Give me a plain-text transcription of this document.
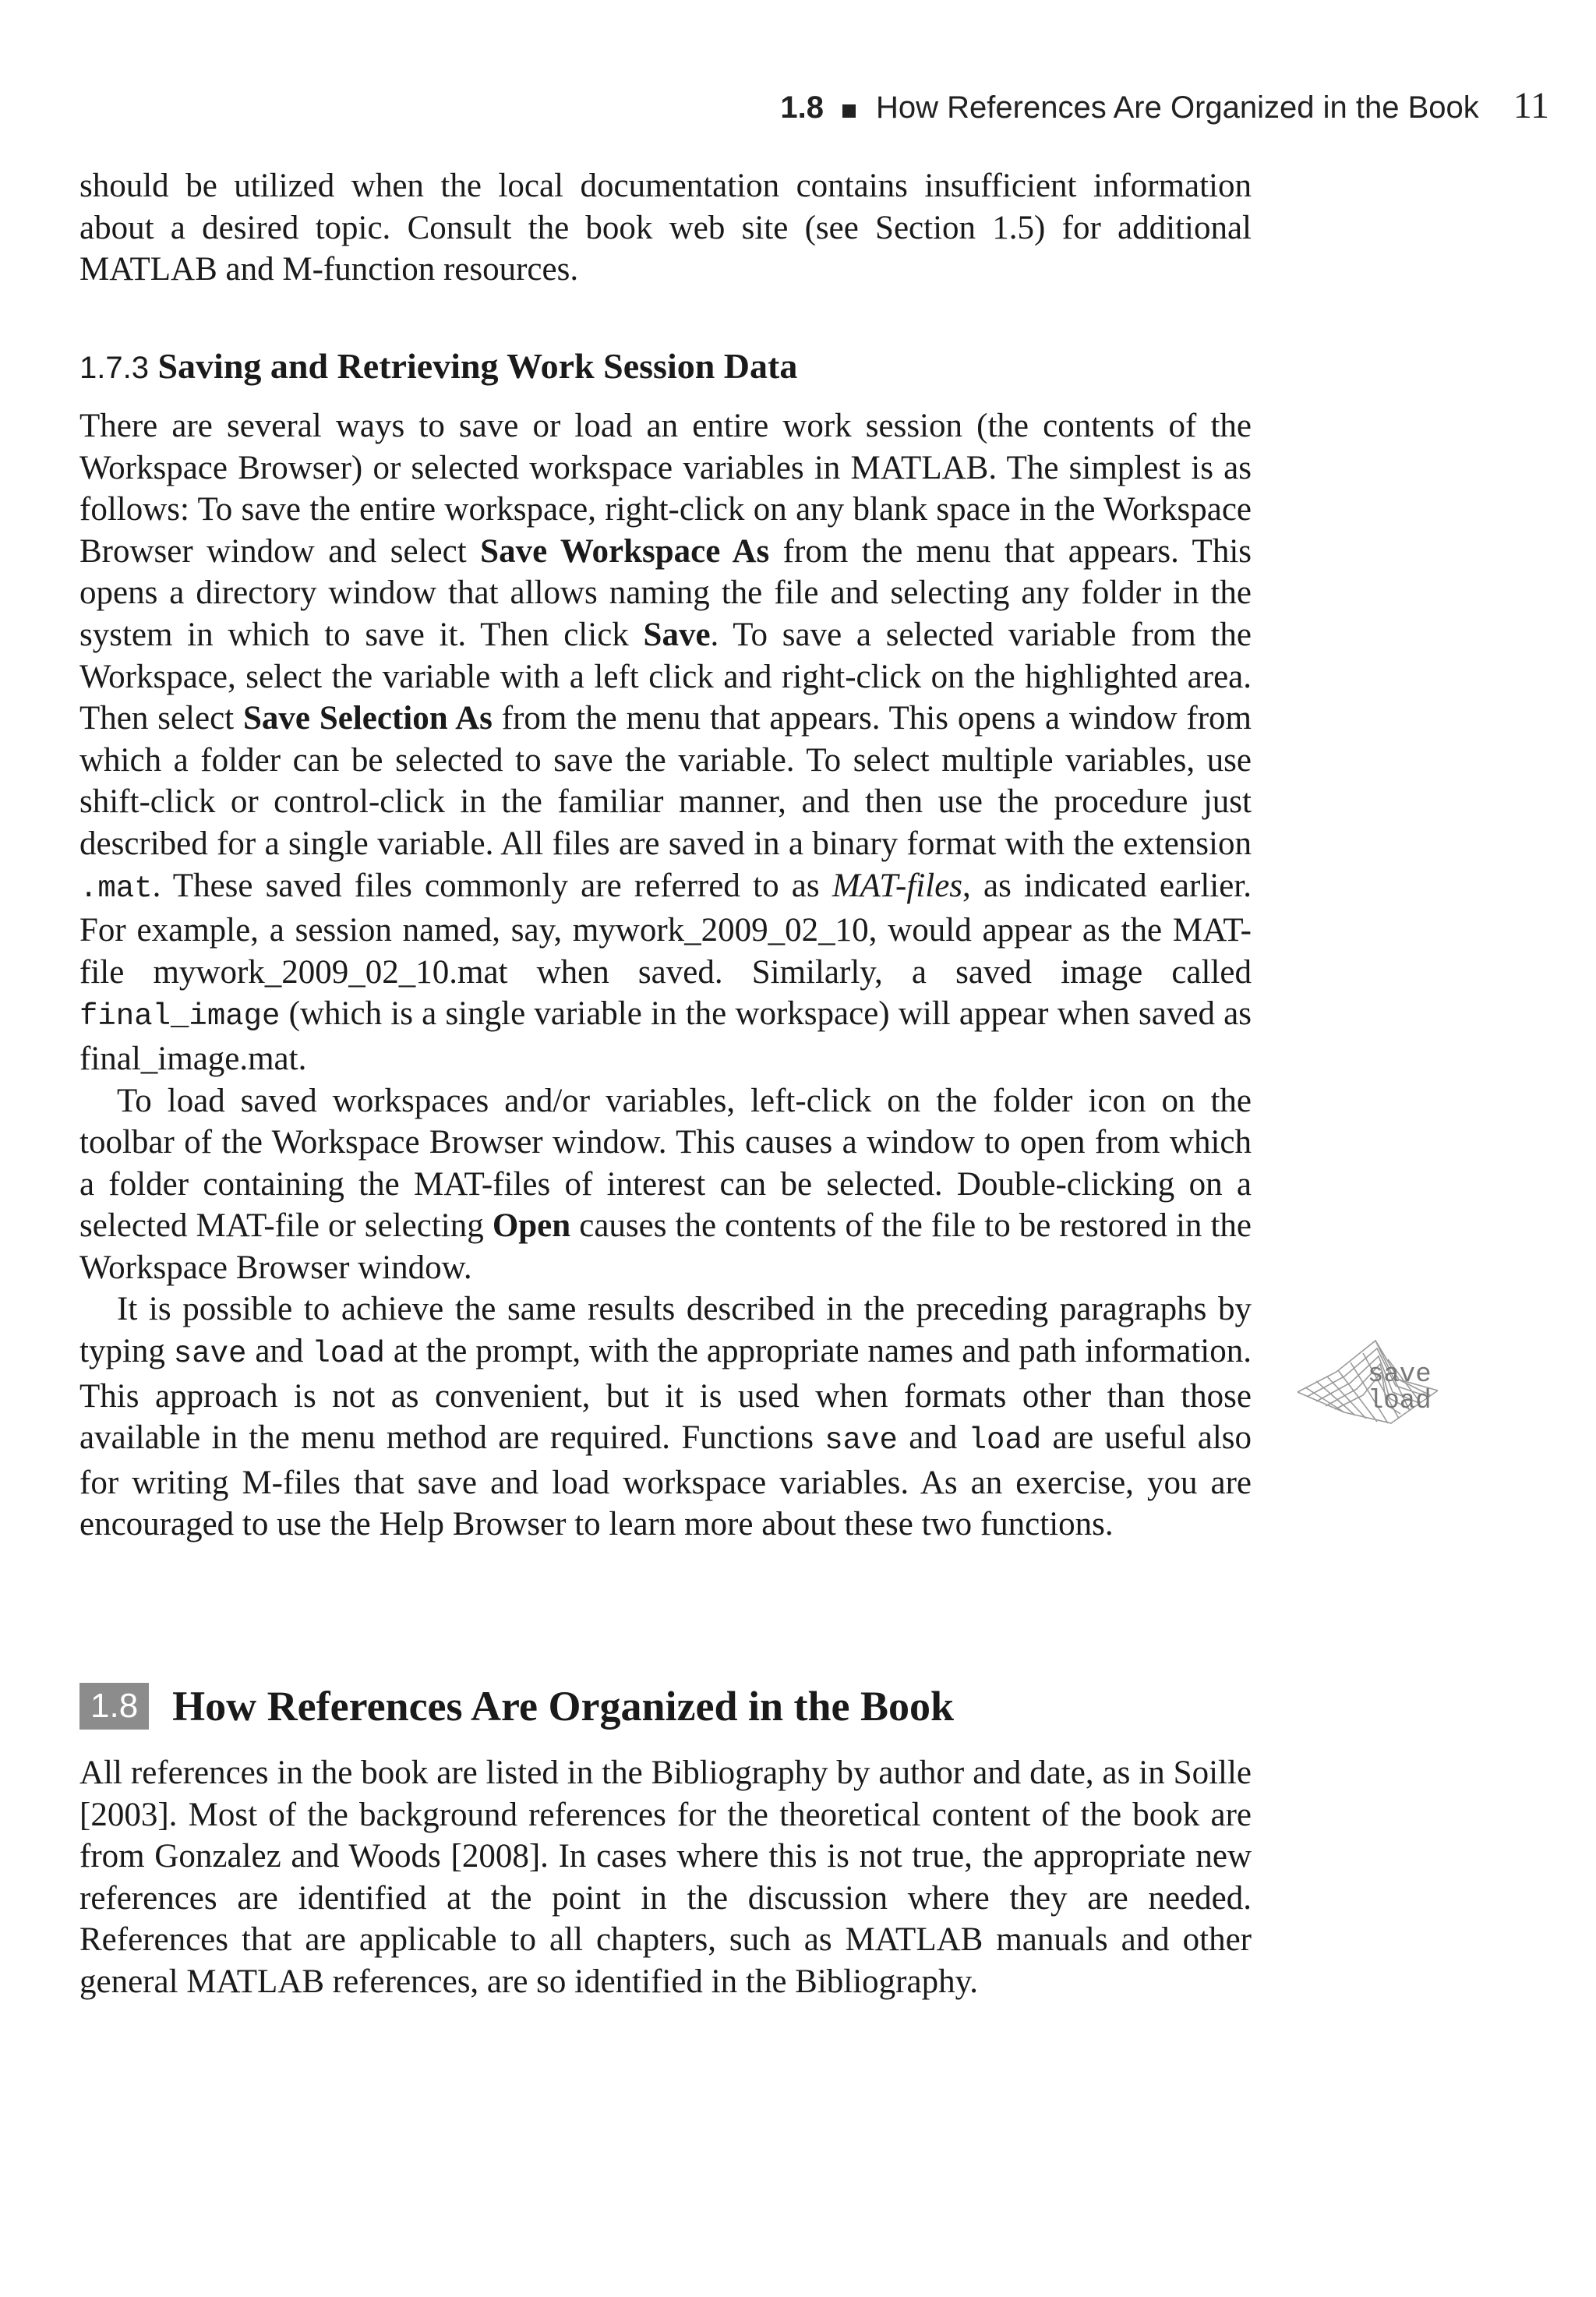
1.8 How References Are Organized in the Book 11

should be utilized when the local documentation contains insufficient information about a desired topic. Consult the book web site (see Section 1.5) for additional MATLAB and M-function resources.

1.7.3 Saving and Retrieving Work Session Data

There are several ways to save or load an entire work session (the contents of the Workspace Browser) or selected workspace variables in MATLAB. The simplest is as follows: To save the entire workspace, right-click on any blank space in the Workspace Browser window and select Save Workspace As from the menu that appears. This opens a directory window that allows naming the file and selecting any folder in the system in which to save it. Then click Save. To save a selected variable from the Workspace, select the variable with a left click and right-click on the highlighted area. Then select Save Selection As from the menu that appears. This opens a window from which a folder can be selected to save the variable. To select multiple variables, use shift-click or control-click in the familiar manner, and then use the procedure just described for a single variable. All files are saved in a binary format with the extension .mat. These saved files commonly are referred to as MAT-files, as indicated earlier. For example, a session named, say, mywork_2009_02_10, would appear as the MAT-file mywork_2009_02_10.mat when saved. Similarly, a saved image called final_image (which is a single variable in the workspace) will appear when saved as final_image.mat.

To load saved workspaces and/or variables, left-click on the folder icon on the toolbar of the Workspace Browser window. This causes a window to open from which a folder containing the MAT-files of interest can be selected. Double-clicking on a selected MAT-file or selecting Open causes the contents of the file to be restored in the Workspace Browser window.

It is possible to achieve the same results described in the preceding paragraphs by typing save and load at the prompt, with the appropriate names and path information. This approach is not as convenient, but it is used when formats other than those available in the menu method are required. Functions save and load are useful also for writing M-files that save and load workspace variables. As an exercise, you are encouraged to use the Help Browser to learn more about these two functions.

save
load
1.8 How References Are Organized in the Book

All references in the book are listed in the Bibliography by author and date, as in Soille [2003]. Most of the background references for the theoretical content of the book are from Gonzalez and Woods [2008]. In cases where this is not true, the appropriate new references are identified at the point in the discussion where they are needed. References that are applicable to all chapters, such as MATLAB manuals and other general MATLAB references, are so identified in the Bibliography.
